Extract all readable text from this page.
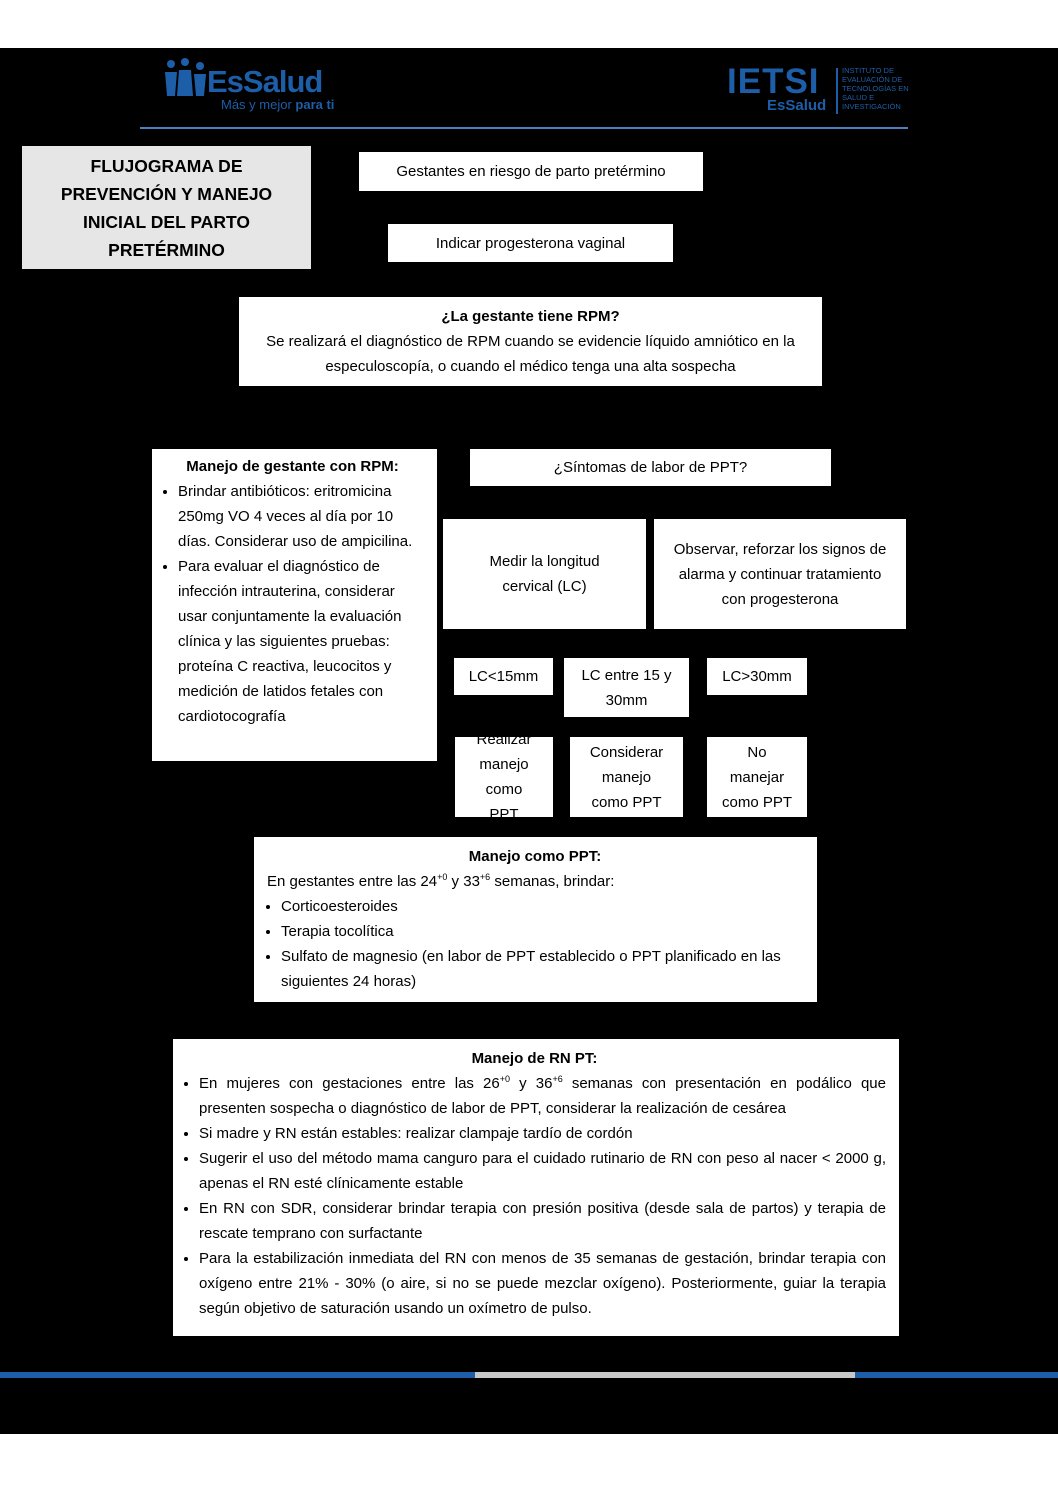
EsSalud
Más y mejor para ti
IETSI
EsSalud
INSTITUTO DE
EVALUACIÓN DE
TECNOLOGÍAS EN
SALUD E
INVESTIGACIÓN
FLUJOGRAMA DE PREVENCIÓN Y MANEJO INICIAL DEL PARTO PRETÉRMINO
Gestantes en riesgo de parto pretérmino
Indicar progesterona vaginal
¿La gestante tiene RPM?
Se realizará el diagnóstico de RPM cuando se evidencie líquido amniótico en la especuloscopía, o cuando el médico tenga una alta sospecha
Manejo de gestante con RPM:
• Brindar antibióticos: eritromicina 250mg VO 4 veces al día por 10 días. Considerar uso de ampicilina.
• Para evaluar el diagnóstico de infección intrauterina, considerar usar conjuntamente la evaluación clínica y las siguientes pruebas: proteína C reactiva, leucocitos y medición de latidos fetales con cardiotocografía
¿Síntomas de labor de PPT?
Medir la longitud cervical (LC)
Observar, reforzar los signos de alarma y continuar tratamiento con progesterona
LC<15mm	LC entre 15 y 30mm
LC>30mm
Realizar manejo como PPT
Considerar manejo como PPT
No manejar como PPT
Manejo como PPT:
En gestantes entre las $24^{+0}$ y $33^{+6}$ semanas, brindar:
• Corticoesteroides
• Terapia tocolítica
• Sulfato de magnesio (en labor de PPT establecido o PPT planificado en las siguientes 24 horas)
Manejo de RN PT:
• En mujeres con gestaciones entre las $26^{+0}$ y $36^{+6}$ semanas con presentación en podálico que presenten sospecha o diagnóstico de labor de PPT, considerar la realización de cesárea
• Si madre y RN están estables: realizar clampaje tardío de cordón
• Sugerir el uso del método mama canguro para el cuidado rutinario de RN con peso al nacer < 2000 g, apenas el RN esté clínicamente estable
• En RN con SDR, considerar brindar terapia con presión positiva (desde sala de partos) y terapia de rescate temprano con surfactante
• Para la estabilización inmediata del RN con menos de 35 semanas de gestación, brindar terapia con oxígeno entre 21% - 30% (o aire, si no se puede mezclar oxígeno). Posteriormente, guiar la terapia según objetivo de saturación usando un oxímetro de pulso.
